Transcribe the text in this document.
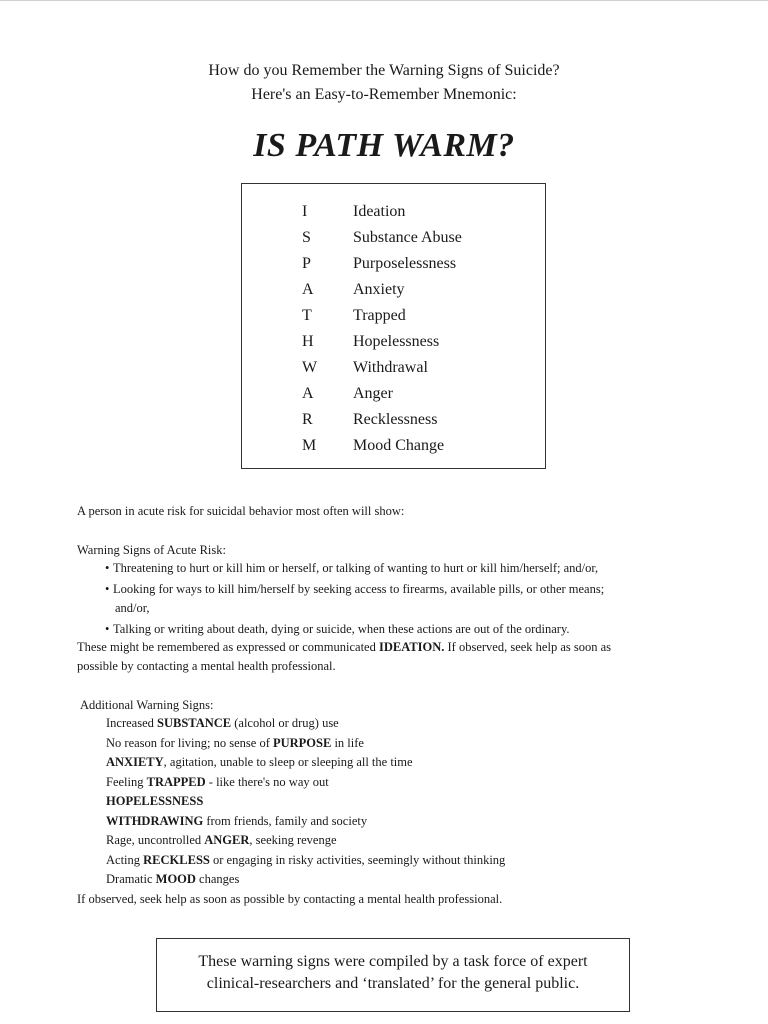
How do you Remember the Warning Signs of Suicide?
Here's an Easy-to-Remember Mnemonic:
IS PATH WARM?
I	Ideation
S	Substance Abuse
P	Purposelessness
A Anxiety
T	Trapped
H Hopelessness
W Withdrawal
A Anger
R	Recklessness
M Mood Change
A person in acute risk for suicidal behavior most often will show:
Warning Signs of Acute Risk:
• Threatening to hurt or kill him or herself, or talking of wanting to hurt or kill him/herself; and/or,
• Looking for ways to kill him/herself by seeking access to firearms, available pills, or other means;
and/or,
• Talking or writing about death, dying or suicide, when these actions are out of the ordinary.
These might be remembered as expressed or communicated IDEATION. If observed, seek help as soon as
possible by contacting a mental health professional.
Additional Warning Signs:
Increased SUBSTANCE (alcohol or drug) use
No reason for living; no sense of PURPOSE in life
ANXIETY, agitation, unable to sleep or sleeping all the time
Feeling TRAPPED - like there's no way out
HOPELESSNESS
WITHDRAWING from friends, family and society
Rage, uncontrolled ANGER, seeking revenge
Acting RECKLESS or engaging in risky activities, seemingly without thinking
Dramatic MOOD changes
If observed, seek help as soon as possible by contacting a mental health professional.
These warning signs were compiled by a task force of expert
clinical-researchers and ‘translated’ for the general public.
